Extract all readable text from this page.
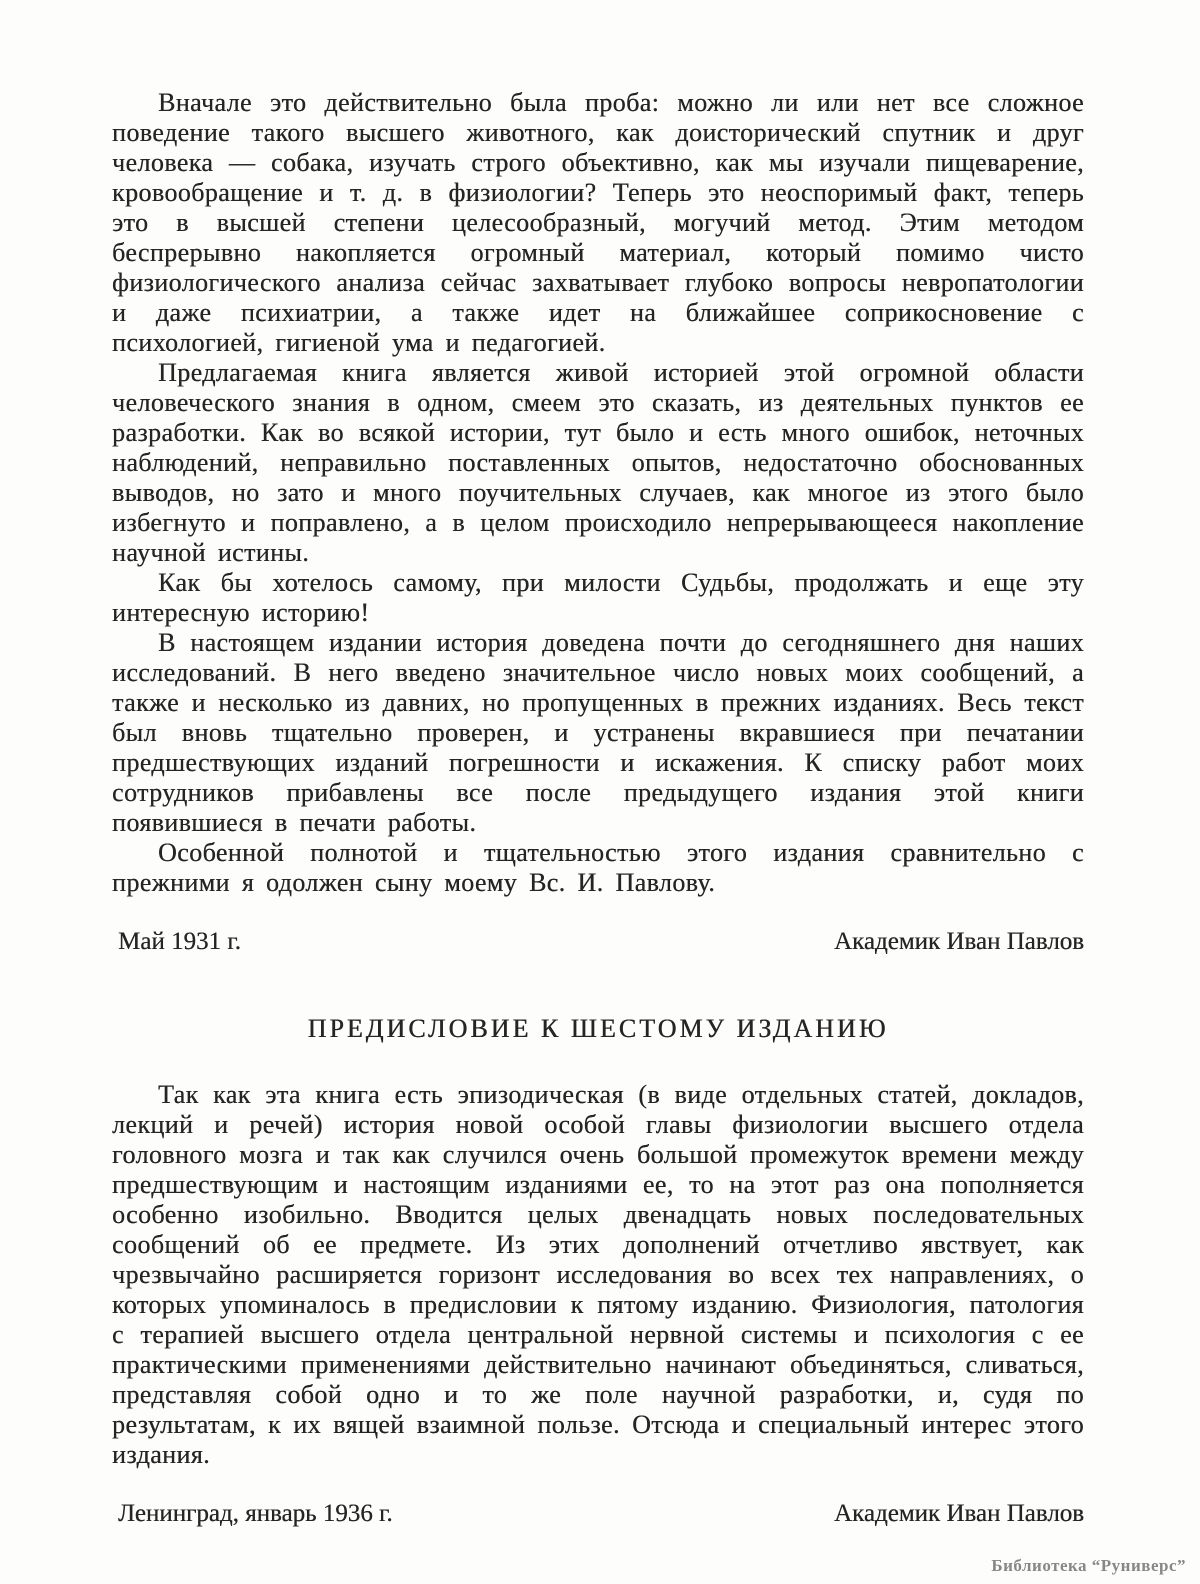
Вначале это действительно была проба: можно ли или нет все сложное поведение такого высшего животного, как доисторический спутник и друг человека — собака, изучать строго объективно, как мы изучали пищеварение, кровообращение и т. д. в физиологии? Теперь это неоспоримый факт, теперь это в высшей степени целесообразный, могучий метод. Этим методом беспрерывно накопляется огромный материал, который помимо чисто физиологического анализа сейчас захватывает глубоко вопросы невропатологии и даже психиатрии, а также идет на ближайшее соприкосновение с психологией, гигиеной ума и педагогией.

Предлагаемая книга является живой историей этой огромной области человеческого знания в одном, смеем это сказать, из деятельных пунктов ее разработки. Как во всякой истории, тут было и есть много ошибок, неточных наблюдений, неправильно поставленных опытов, недостаточно обоснованных выводов, но зато и много поучительных случаев, как многое из этого было избегнуто и поправлено, а в целом происходило непрерывающееся накопление научной истины.

Как бы хотелось самому, при милости Судьбы, продолжать и еще эту интересную историю!

В настоящем издании история доведена почти до сегодняшнего дня наших исследований. В него введено значительное число новых моих сообщений, а также и несколько из давних, но пропущенных в прежних изданиях. Весь текст был вновь тщательно проверен, и устранены вкравшиеся при печатании предшествующих изданий погрешности и искажения. К списку работ моих сотрудников прибавлены все после предыдущего издания этой книги появившиеся в печати работы.

Особенной полнотой и тщательностью этого издания сравнительно с прежними я одолжен сыну моему Вс. И. Павлову.

Май 1931 г.	Академик Иван Павлов
ПРЕДИСЛОВИЕ К ШЕСТОМУ ИЗДАНИЮ

Так как эта книга есть эпизодическая (в виде отдельных статей, докладов, лекций и речей) история новой особой главы физиологии высшего отдела головного мозга и так как случился очень большой промежуток времени между предшествующим и настоящим изданиями ее, то на этот раз она пополняется особенно изобильно. Вводится целых двенадцать новых последовательных сообщений об ее предмете. Из этих дополнений отчетливо явствует, как чрезвычайно расширяется горизонт исследования во всех тех направлениях, о которых упоминалось в предисловии к пятому изданию. Физиология, патология с терапией высшего отдела центральной нервной системы и психология с ее практическими применениями действительно начинают объединяться, сливаться, представляя собой одно и то же поле научной разработки, и, судя по результатам, к их вящей взаимной пользе. Отсюда и специальный интерес этого издания.

Ленинград, январь 1936 г.	Академик Иван Павлов
Библиотека “Руниверс”
